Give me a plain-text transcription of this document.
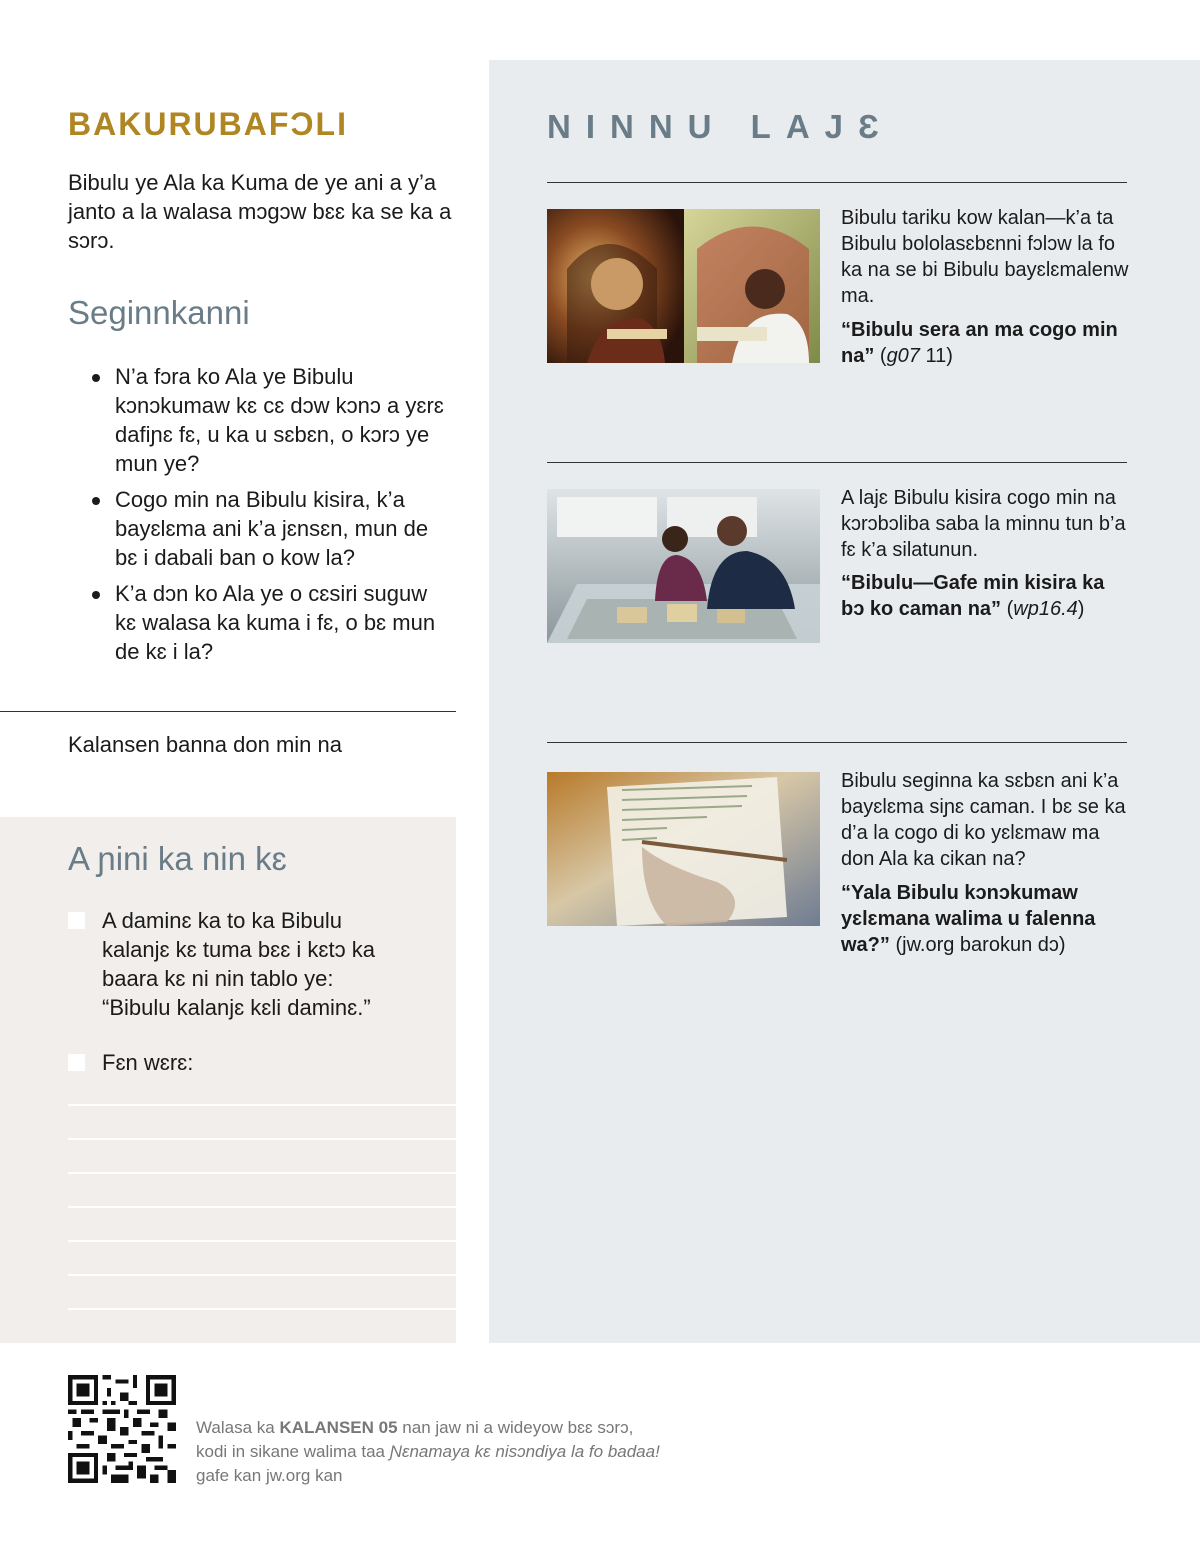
BAKURUBAFƆLI

Bibulu ye Ala ka Kuma de ye ani a y’a janto a la walasa mɔgɔw bɛɛ ka se ka a sɔrɔ.

Seginnkanni
N’a fɔra ko Ala ye Bibulu kɔnɔkumaw kɛ cɛ dɔw kɔnɔ a yɛrɛ dafiɲɛ fɛ, u ka u sɛbɛn, o kɔrɔ ye mun ye?
Cogo min na Bibulu kisira, k’a bayɛlɛma ani k’a jɛnsɛn, mun de bɛ i dabali ban o kow la?
K’a dɔn ko Ala ye o cɛsiri suguw kɛ walasa ka kuma i fɛ, o bɛ mun de kɛ i la?

Kalansen banna don min na

A ɲini ka nin kɛ
A daminɛ ka to ka Bibulu kalanjɛ kɛ tuma bɛɛ i kɛtɔ ka baara kɛ ni nin tablo ye: “Bibulu kalanjɛ kɛli daminɛ.”
Fɛn wɛrɛ:
NINNU LAJƐ

Bibulu tariku kow kalan—k’a ta Bibulu bololasɛbɛnni fɔlɔw la fo ka na se bi Bibulu bayɛlɛmalenw ma.

“Bibulu sera an ma cogo min na” (g07 11)

A lajɛ Bibulu kisira cogo min na kɔrɔbɔliba saba la minnu tun b’a fɛ k’a silatunun.

“Bibulu—Gafe min kisira ka bɔ ko caman na” (wp16.4)

Bibulu seginna ka sɛbɛn ani k’a bayɛlɛma siɲɛ caman. I bɛ se ka d’a la cogo di ko yɛlɛmaw ma don Ala ka cikan na?

“Yala Bibulu kɔnɔkumaw yɛlɛmana walima u falenna wa?” (jw.org barokun dɔ)

Walasa ka KALANSEN 05 nan jaw ni a wideyow bɛɛ sɔrɔ,
kodi in sikane walima taa Ɲɛnamaya kɛ nisɔndiya la fo badaa!
gafe kan jw.org kan
